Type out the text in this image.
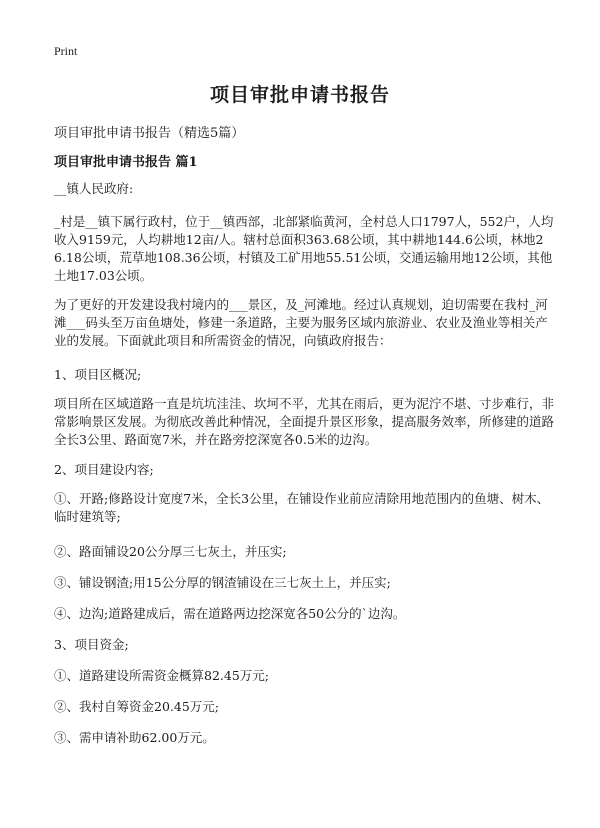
Print
项目审批申请书报告
项目审批申请书报告（精选5篇）
项目审批申请书报告 篇1

__镇人民政府:

_村是__镇下属行政村，位于__镇西部，北部紧临黄河，全村总人口1797人，552户，人均收入9159元，人均耕地12亩/人。辖村总面积363.68公顷，其中耕地144.6公顷，林地26.18公顷，荒草地108.36公顷，村镇及工矿用地55.51公顷，交通运输用地12公顷，其他土地17.03公顷。

为了更好的开发建设我村境内的___景区，及_河滩地。经过认真规划，迫切需要在我村_河滩___码头至万亩鱼塘处，修建一条道路，主要为服务区域内旅游业、农业及渔业等相关产业的发展。下面就此项目和所需资金的情况，向镇政府报告：

1、项目区概况;

项目所在区域道路一直是坑坑洼洼、坎坷不平，尤其在雨后，更为泥泞不堪、寸步难行，非常影响景区发展。为彻底改善此种情况，全面提升景区形象，提高服务效率，所修建的道路全长3公里、路面宽7米，并在路旁挖深宽各0.5米的边沟。

2、项目建设内容;

①、开路;修路设计宽度7米，全长3公里，在铺设作业前应清除用地范围内的鱼塘、树木、临时建筑等;

②、路面铺设20公分厚三七灰土，并压实;

③、铺设钢渣;用15公分厚的钢渣铺设在三七灰土上，并压实;

④、边沟;道路建成后，需在道路两边挖深宽各50公分的`边沟。

3、项目资金;

①、道路建设所需资金概算82.45万元;

②、我村自筹资金20.45万元;

③、需申请补助62.00万元。
